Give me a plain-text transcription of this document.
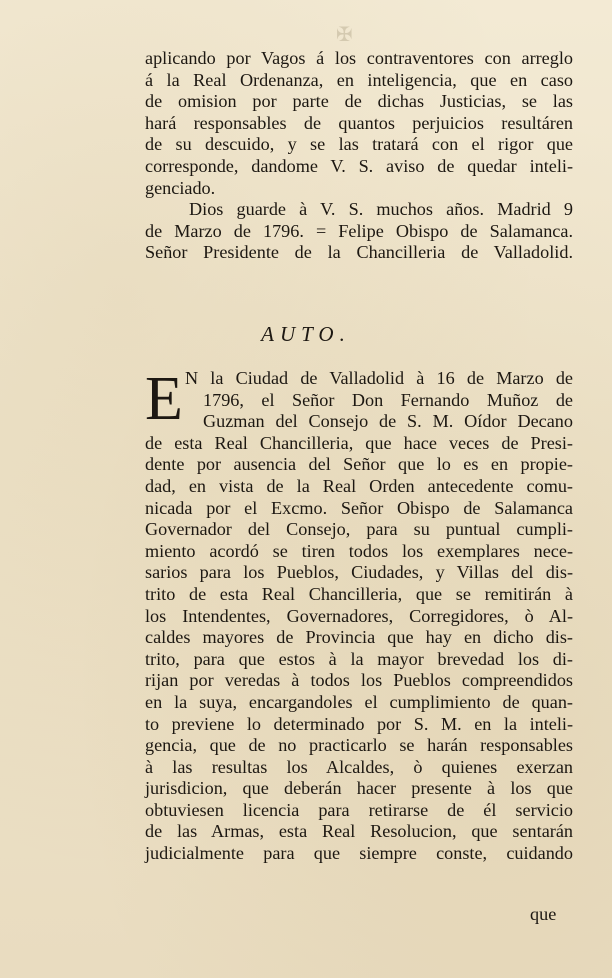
✠

aplicando por Vagos á los contraventores con arreglo
á la Real Ordenanza, en inteligencia, que en caso
de omision por parte de dichas Justicias, se las
hará responsables de quantos perjuicios resultáren
de su descuido, y se las tratará con el rigor que
corresponde, dandome V. S. aviso de quedar inteli-
genciado.

Dios guarde à V. S. muchos años. Madrid 9
de Marzo de 1796. = Felipe Obispo de Salamanca.
Señor Presidente de la Chancilleria de Valladolid.

AUTO.
E N la Ciudad de Valladolid à 16 de Marzo de
1796, el Señor Don Fernando Muñoz de
Guzman del Consejo de S. M. Oídor Decano
de esta Real Chancilleria, que hace veces de Presi-
dente por ausencia del Señor que lo es en propie-
dad, en vista de la Real Orden antecedente comu-
nicada por el Excmo. Señor Obispo de Salamanca
Governador del Consejo, para su puntual cumpli-
miento acordó se tiren todos los exemplares nece-
sarios para los Pueblos, Ciudades, y Villas del dis-
trito de esta Real Chancilleria, que se remitirán à
los Intendentes, Governadores, Corregidores, ò Al-
caldes mayores de Provincia que hay en dicho dis-
trito, para que estos à la mayor brevedad los di-
rijan por veredas à todos los Pueblos compreendidos
en la suya, encargandoles el cumplimiento de quan-
to previene lo determinado por S. M. en la inteli-
gencia, que de no practicarlo se harán responsables
à las resultas los Alcaldes, ò quienes exerzan
jurisdicion, que deberán hacer presente à los que
obtuviesen licencia para retirarse de él servicio
de las Armas, esta Real Resolucion, que sentarán
judicialmente para que siempre conste, cuidando
que
